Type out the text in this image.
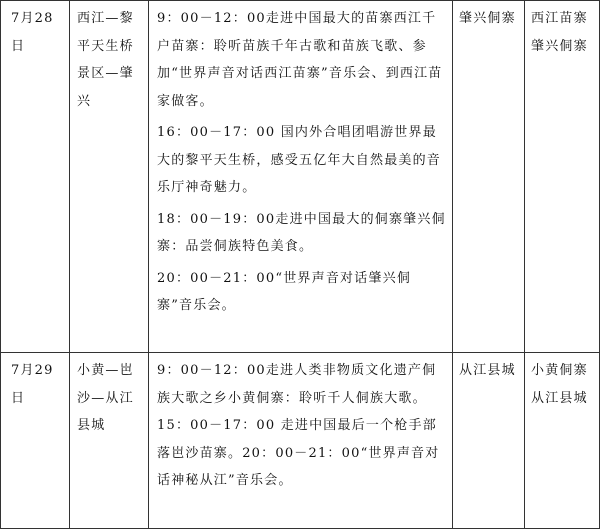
7月28日	西江—黎平天生桥景区—肇兴	9：00－12：00走进中国最大的苗寨西江千户苗寨：聆听苗族千年古歌和苗族飞歌、参加“世界声音对话西江苗寨”音乐会、到西江苗家做客。

16：00－17：00 国内外合唱团唱游世界最大的黎平天生桥，感受五亿年大自然最美的音乐厅神奇魅力。

18：00－19：00走进中国最大的侗寨肇兴侗寨：品尝侗族特色美食。

20：00－21：00“世界声音对话肇兴侗寨”音乐会。	肇兴侗寨	西江苗寨 肇兴侗寨

7月29日	小黄—岜沙—从江县城	9：00－12：00走进人类非物质文化遗产侗族大歌之乡小黄侗寨：聆听千人侗族大歌。15：00－17：00 走进中国最后一个枪手部落岜沙苗寨。20：00－21：00“世界声音对话神秘从江”音乐会。	从江县城	小黄侗寨 从江县城
